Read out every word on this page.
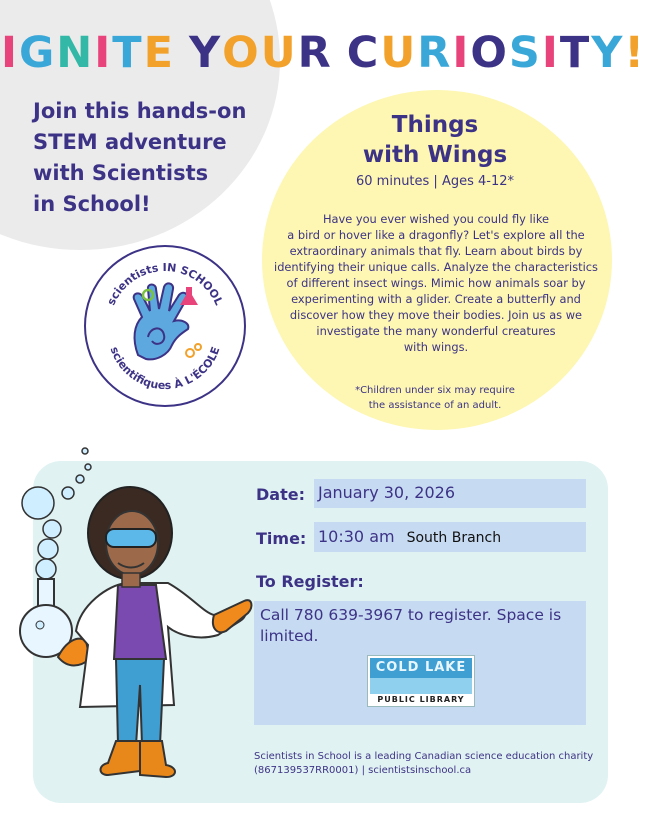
IGNITE YOUR CURIOSITY!
Join this hands-on
STEM adventure
with Scientists
in School!
Things
with Wings
60 minutes | Ages 4-12*
Have you ever wished you could fly like
a bird or hover like a dragonfly? Let's explore all the
extraordinary animals that fly. Learn about birds by
identifying their unique calls. Analyze the characteristics
of different insect wings. Mimic how animals soar by
experimenting with a glider. Create a butterfly and
discover how they move their bodies. Join us as we
investigate the many wonderful creatures
with wings.
*Children under six may require
the assistance of an adult.
scientists IN SCHOOL
scientifiques À L'ÉCOLE
Date: January 30, 2026
Time: 10:30 am South Branch
To Register:
Call 780 639-3967 to register. Space is limited.
COLD LAKE
PUBLIC LIBRARY
Scientists in School is a leading Canadian science education charity
(867139537RR0001) | scientistsinschool.ca
